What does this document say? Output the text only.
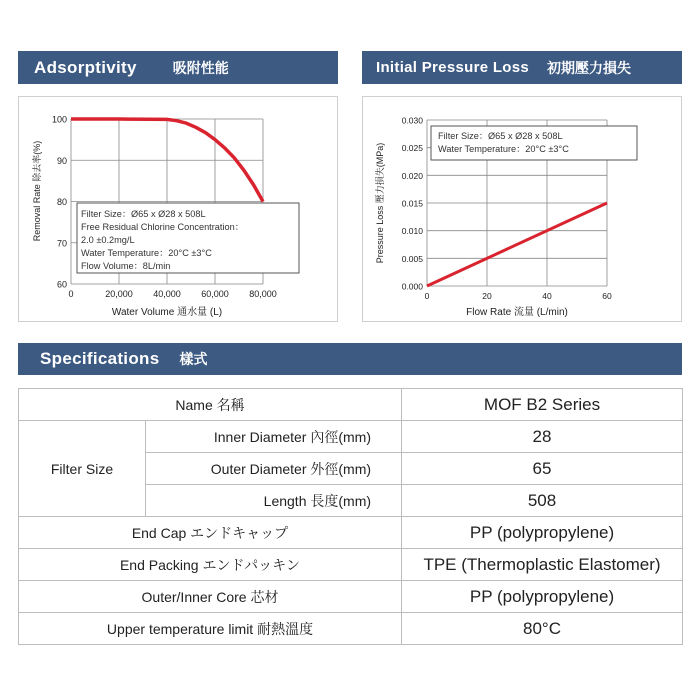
Adsorptivity	吸附性能	Initial Pressure Loss 初期壓力損失
60
70
80
90
100
0	20,000 40,000 60,000 80,000
Filter Size：Ø65 x Ø28 x 508L
Free Residual Chlorine Concentration：
2.0 ±0.2mg/L
Water Temperature：20°C ±3°C
Flow Volume：8L/min
Removal Rate 除去率(%)
Water Volume 通水量 (L)
0.000
0.005
0.010
0.015
0.020
0.025
0.030
0	20	40	60
Filter Size：Ø65 x Ø28 x 508L
Water Temperature：20°C ±3°C
Pressure Loss 壓力損失(MPa)
Flow Rate 流量 (L/min)
Specifications 樣式
Name 名稱		MOF B2 Series
Filter Size	Inner Diameter 內徑(mm)	28
	Outer Diameter 外徑(mm)	65
	Length 長度(mm)	508
End Cap エンドキャップ		PP (polypropylene)
End Packing エンドパッキン		TPE (Thermoplastic Elastomer)
Outer/Inner Core 芯材		PP (polypropylene)
Upper temperature limit 耐熱溫度		80°C
